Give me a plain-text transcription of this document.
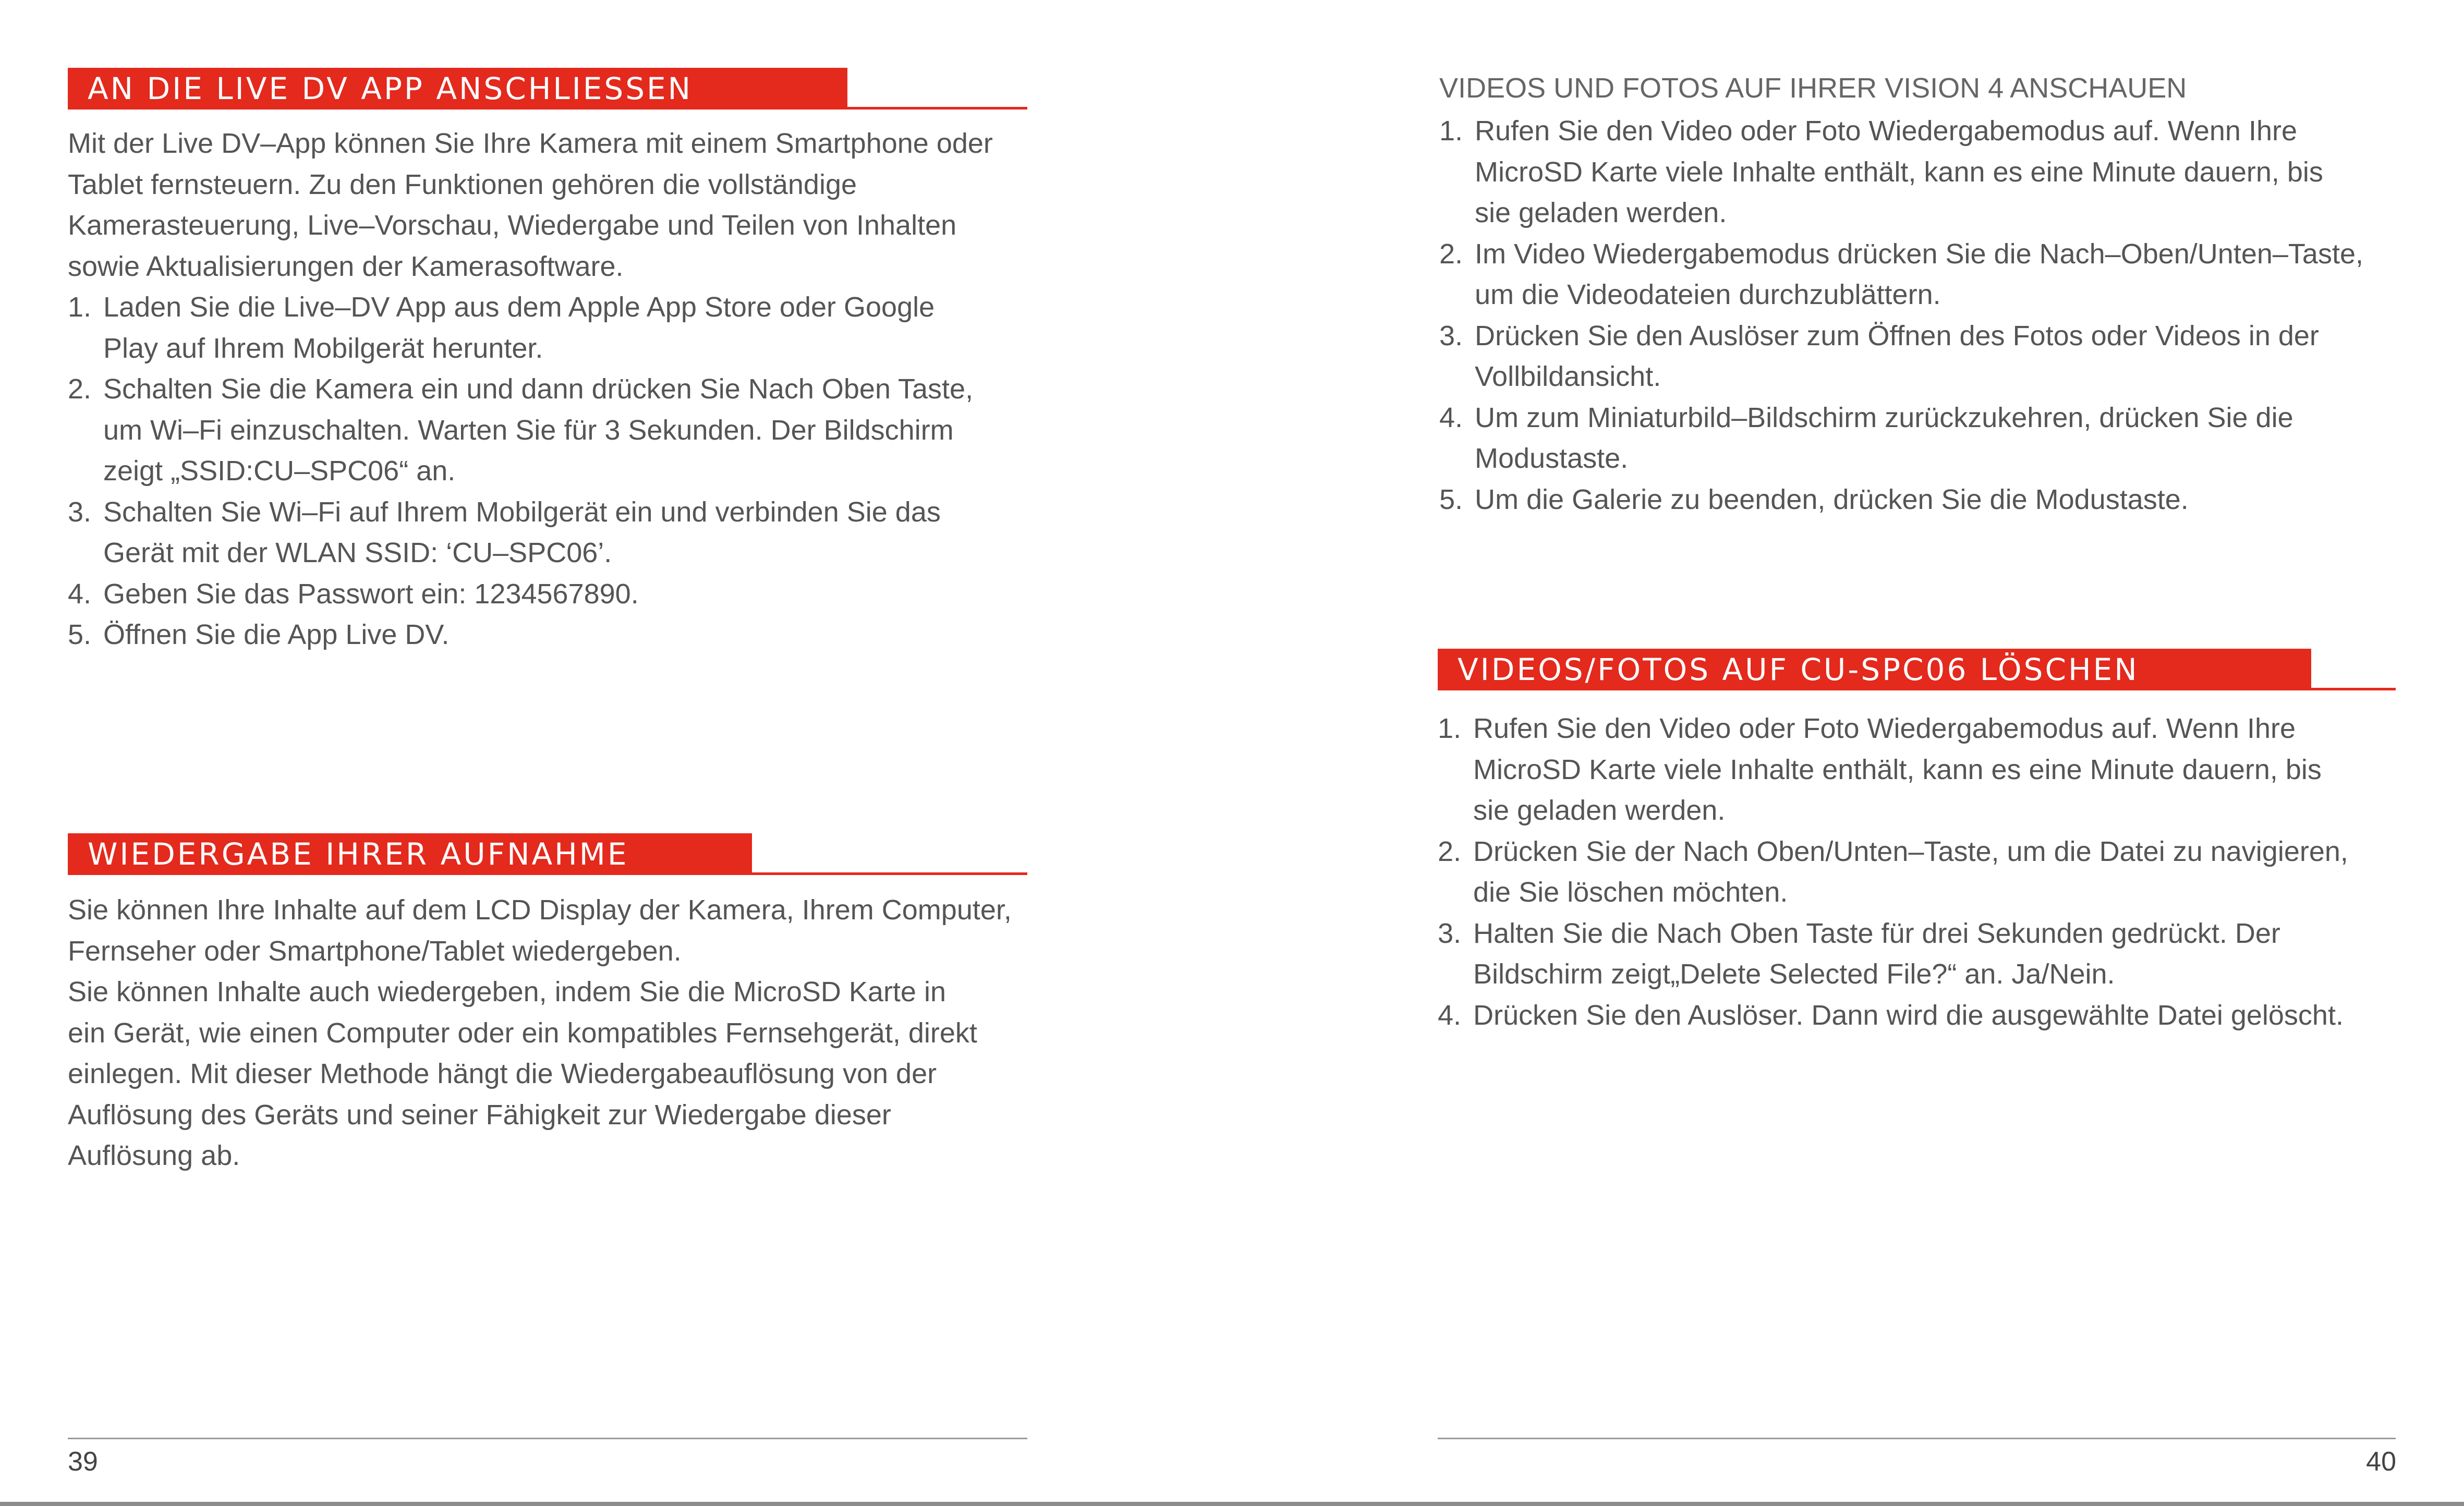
AN DIE LIVE DV APP ANSCHLIESSEN

Mit der Live DV–App können Sie Ihre Kamera mit einem Smartphone oder
Tablet fernsteuern. Zu den Funktionen gehören die vollständige
Kamerasteuerung, Live–Vorschau, Wiedergabe und Teilen von Inhalten
sowie Aktualisierungen der Kamerasoftware.

1. Laden Sie die Live–DV App aus dem Apple App Store oder Google
Play auf Ihrem Mobilgerät herunter.
2. Schalten Sie die Kamera ein und dann drücken Sie Nach Oben Taste,
um Wi–Fi einzuschalten. Warten Sie für 3 Sekunden. Der Bildschirm
zeigt „SSID:CU–SPC06“ an.
3. Schalten Sie Wi–Fi auf Ihrem Mobilgerät ein und verbinden Sie das
Gerät mit der WLAN SSID: ‘CU–SPC06’.
4. Geben Sie das Passwort ein: 1234567890.
5. Öffnen Sie die App Live DV.
WIEDERGABE IHRER AUFNAHME

Sie können Ihre Inhalte auf dem LCD Display der Kamera, Ihrem Computer,
Fernseher oder Smartphone/Tablet wiedergeben.

Sie können Inhalte auch wiedergeben, indem Sie die MicroSD Karte in
ein Gerät, wie einen Computer oder ein kompatibles Fernsehgerät, direkt
einlegen. Mit dieser Methode hängt die Wiedergabeauflösung von der
Auflösung des Geräts und seiner Fähigkeit zur Wiedergabe dieser
Auflösung ab.

39
VIDEOS UND FOTOS AUF IHRER VISION 4 ANSCHAUEN
1. Rufen Sie den Video oder Foto Wiedergabemodus auf. Wenn Ihre
MicroSD Karte viele Inhalte enthält, kann es eine Minute dauern, bis
sie geladen werden.
2. Im Video Wiedergabemodus drücken Sie die Nach–Oben/Unten–Taste,
um die Videodateien durchzublättern.
3. Drücken Sie den Auslöser zum Öffnen des Fotos oder Videos in der
Vollbildansicht.
4. Um zum Miniaturbild–Bildschirm zurückzukehren, drücken Sie die
Modustaste.
5. Um die Galerie zu beenden, drücken Sie die Modustaste.
VIDEOS/FOTOS AUF CU-SPC06 LÖSCHEN
1. Rufen Sie den Video oder Foto Wiedergabemodus auf. Wenn Ihre
MicroSD Karte viele Inhalte enthält, kann es eine Minute dauern, bis
sie geladen werden.
2. Drücken Sie der Nach Oben/Unten–Taste, um die Datei zu navigieren,
die Sie löschen möchten.
3. Halten Sie die Nach Oben Taste für drei Sekunden gedrückt. Der
Bildschirm zeigt„Delete Selected File?“ an. Ja/Nein.
4. Drücken Sie den Auslöser. Dann wird die ausgewählte Datei gelöscht.
40
